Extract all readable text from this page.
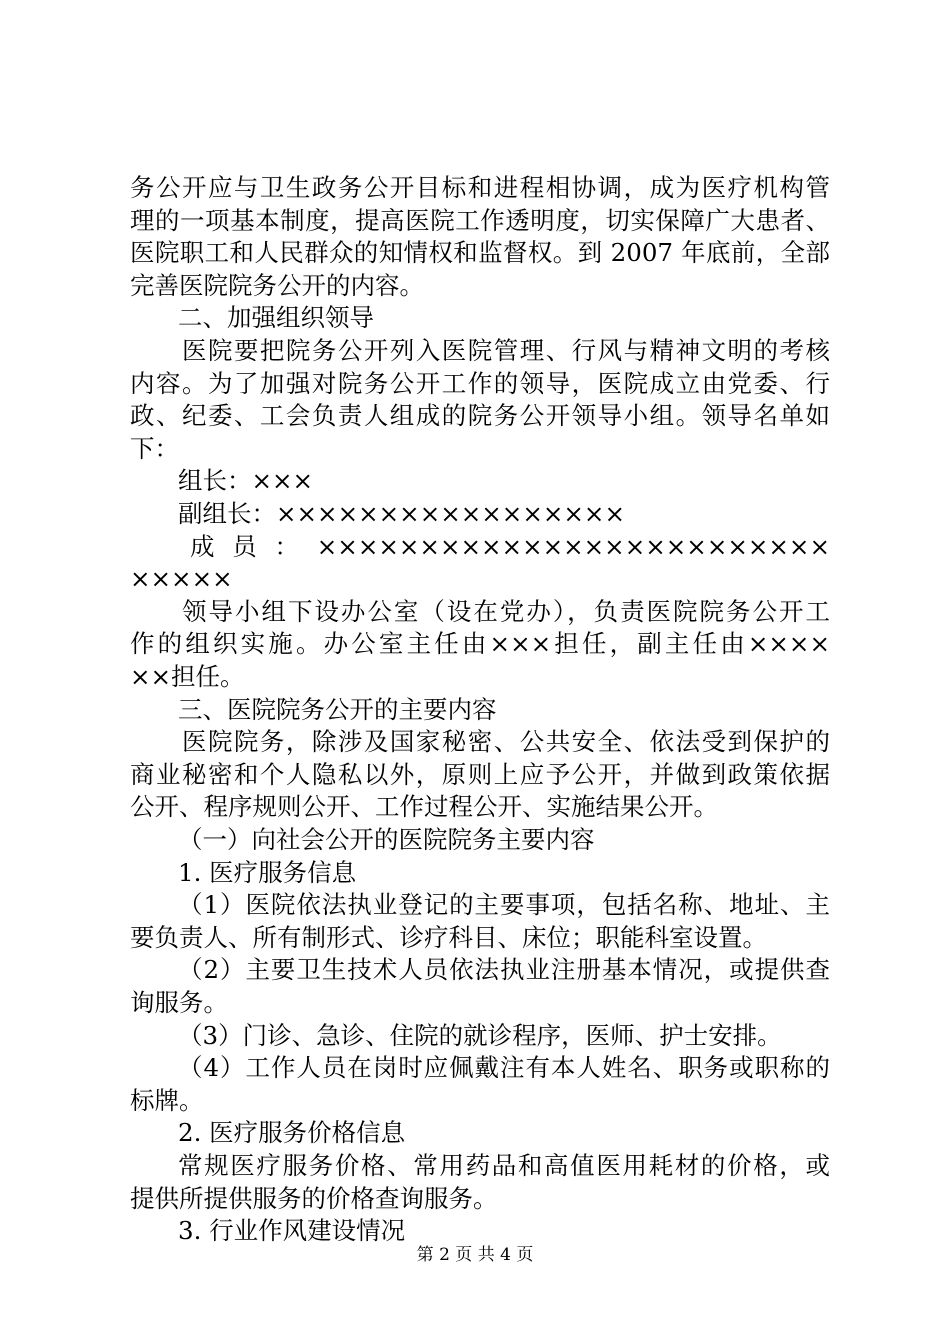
务公开应与卫生政务公开目标和进程相协调，成为医疗机构管
理的一项基本制度，提高医院工作透明度，切实保障广大患者、
医院职工和人民群众的知情权和监督权。到 2007 年底前，全部
完善医院院务公开的内容。
二、加强组织领导
医院要把院务公开列入医院管理、行风与精神文明的考核
内容。为了加强对院务公开工作的领导，医院成立由党委、行
政、纪委、工会负责人组成的院务公开领导小组。领导名单如
下：
组长：×××
副组长：×××××××××××××××××
成员：×××××××××××××××××××××××××
×××××
领导小组下设办公室（设在党办），负责医院院务公开工
作的组织实施。办公室主任由×××担任，副主任由××××
××担任。
三、医院院务公开的主要内容
医院院务，除涉及国家秘密、公共安全、依法受到保护的
商业秘密和个人隐私以外，原则上应予公开，并做到政策依据
公开、程序规则公开、工作过程公开、实施结果公开。
（一）向社会公开的医院院务主要内容
1. 医疗服务信息
（1）医院依法执业登记的主要事项，包括名称、地址、主
要负责人、所有制形式、诊疗科目、床位；职能科室设置。
（2）主要卫生技术人员依法执业注册基本情况，或提供查
询服务。
（3）门诊、急诊、住院的就诊程序，医师、护士安排。
（4）工作人员在岗时应佩戴注有本人姓名、职务或职称的
标牌。
2. 医疗服务价格信息
常规医疗服务价格、常用药品和高值医用耗材的价格，或
提供所提供服务的价格查询服务。
3. 行业作风建设情况
第 2 页 共 4 页
